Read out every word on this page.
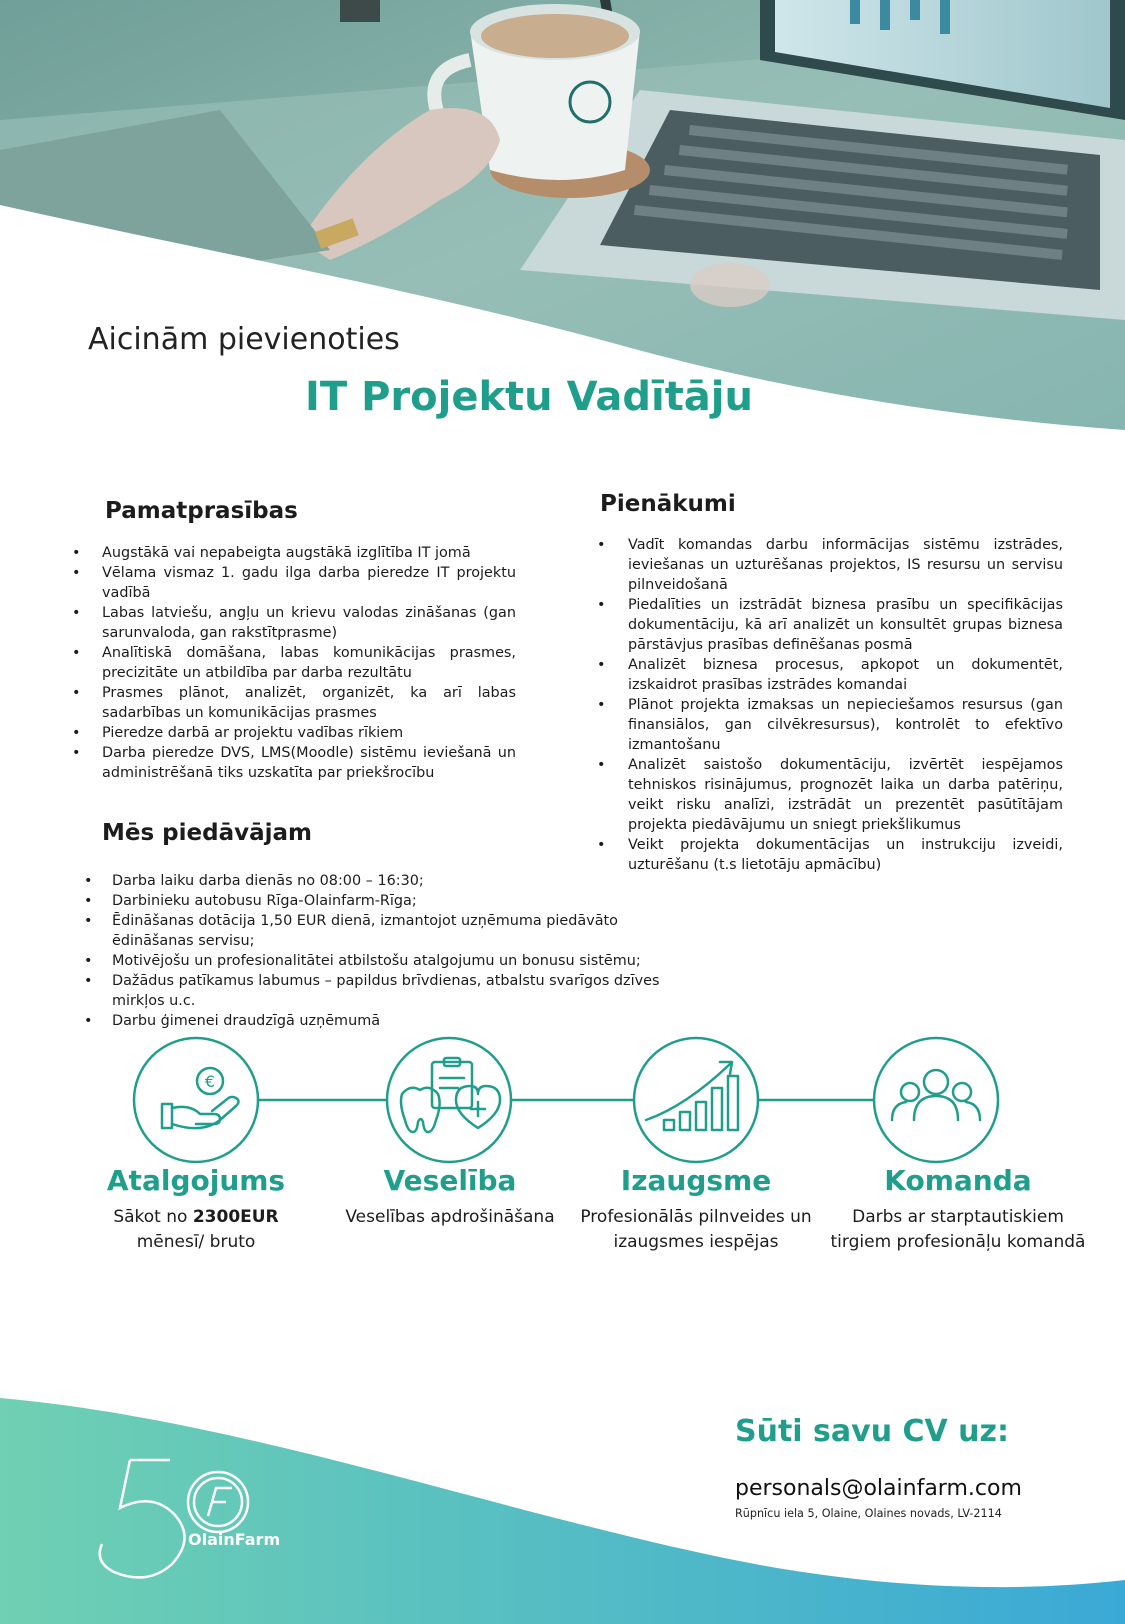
Aicinām pievienoties
IT Projektu Vadītāju
Pamatprasības
• Augstākā vai nepabeigta augstākā izglītība IT jomā
• Vēlama vismaz 1. gadu ilga darba pieredze IT projektu vadībā
• Labas latviešu, angļu un krievu valodas zināšanas (gan sarunvaloda, gan rakstītprasme)
• Analītiskā domāšana, labas komunikācijas prasmes, precizitāte un atbildība par darba rezultātu
• Prasmes plānot, analizēt, organizēt, ka arī labas sadarbības un komunikācijas prasmes
• Pieredze darbā ar projektu vadības rīkiem
• Darba pieredze DVS, LMS(Moodle) sistēmu ieviešanā un administrēšanā tiks uzskatīta par priekšrocību
Pienākumi
• Vadīt komandas darbu informācijas sistēmu izstrādes, ieviešanas un uzturēšanas projektos, IS resursu un servisu pilnveidošanā
• Piedalīties un izstrādāt biznesa prasību un specifikācijas dokumentāciju, kā arī analizēt un konsultēt grupas biznesa pārstāvjus prasības definēšanas posmā
• Analizēt biznesa procesus, apkopot un dokumentēt, izskaidrot prasības izstrādes komandai
• Plānot projekta izmaksas un nepieciešamos resursus (gan finansiālos, gan cilvēkresursus), kontrolēt to efektīvo izmantošanu
• Analizēt saistošo dokumentāciju, izvērtēt iespējamos tehniskos risinājumus, prognozēt laika un darba patēriņu, veikt risku analīzi, izstrādāt un prezentēt pasūtītājam projekta piedāvājumu un sniegt priekšlikumus
• Veikt projekta dokumentācijas un instrukciju izveidi, uzturēšanu (t.s lietotāju apmācību)
Mēs piedāvājam
• Darba laiku darba dienās no 08:00 – 16:30;
• Darbinieku autobusu Rīga-Olainfarm-Rīga;
• Ēdināšanas dotācija 1,50 EUR dienā, izmantojot uzņēmuma piedāvāto ēdināšanas servisu;
• Motivējošu un profesionalitātei atbilstošu atalgojumu un bonusu sistēmu;
• Dažādus patīkamus labumus – papildus brīvdienas, atbalstu svarīgos dzīves mirkļos u.c.
• Darbu ģimenei draudzīgā uzņēmumā
€
Atalgojums
Sākot no 2300EUR
mēnesī/ bruto
Veselība
Veselības apdrošināšana
Izaugsme
Profesionālās pilnveides un izaugsmes iespējas
Komanda
Darbs ar starptautiskiem tirgiem profesionāļu komandā
OlainFarm
Sūti savu CV uz:
personals@olainfarm.com
Rūpnīcu iela 5, Olaine, Olaines novads, LV-2114
